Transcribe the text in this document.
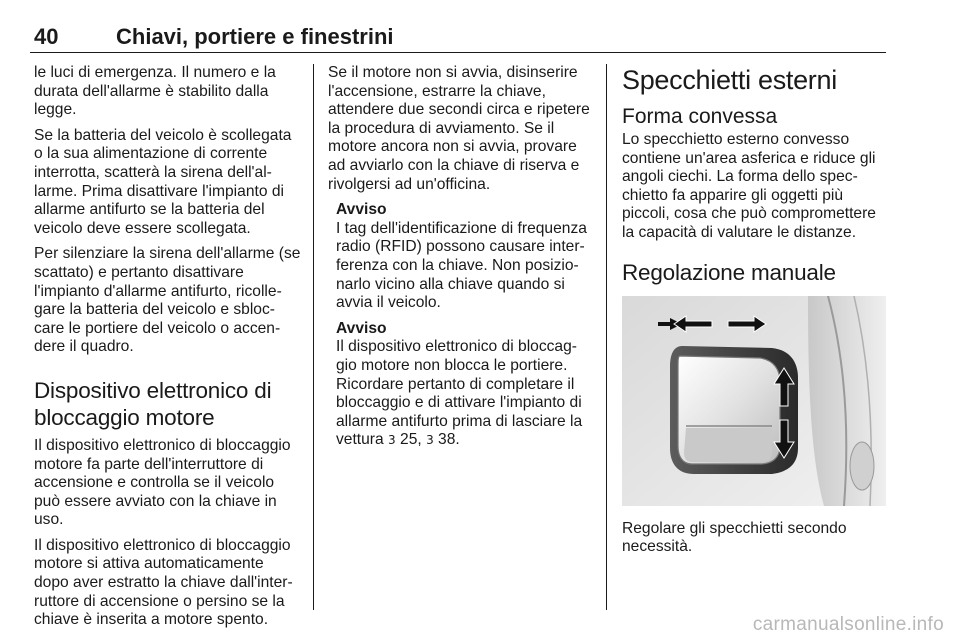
40	Chiavi, portiere e finestrini

le luci di emergenza. Il numero e la durata dell'allarme è stabilito dalla legge.

Se la batteria del veicolo è scollegata o la sua alimentazione di corrente interrotta, scatterà la sirena dell'al-larme. Prima disattivare l'impianto di allarme antifurto se la batteria del veicolo deve essere scollegata.

Per silenziare la sirena dell'allarme (se scattato) e pertanto disattivare l'impianto d'allarme antifurto, ricolle-gare la batteria del veicolo e sbloc-care le portiere del veicolo o accen-dere il quadro.

Dispositivo elettronico di bloccaggio motore

Il dispositivo elettronico di bloccaggio motore fa parte dell'interruttore di accensione e controlla se il veicolo può essere avviato con la chiave in uso.

Il dispositivo elettronico di bloccaggio motore si attiva automaticamente dopo aver estratto la chiave dall'inter-ruttore di accensione o persino se la chiave è inserita a motore spento.

Se il motore non si avvia, disinserire l'accensione, estrarre la chiave, attendere due secondi circa e ripetere la procedura di avviamento. Se il motore ancora non si avvia, provare ad avviarlo con la chiave di riserva e rivolgersi ad un'officina.

Avviso
I tag dell'identificazione di frequenza radio (RFID) possono causare inter-ferenza con la chiave. Non posizio-narlo vicino alla chiave quando si avvia il veicolo.
Avviso
Il dispositivo elettronico di bloccag-gio motore non blocca le portiere. Ricordare pertanto di completare il bloccaggio e di attivare l'impianto di allarme antifurto prima di lasciare la vettura 3 25, 3 38.
Specchietti esterni
Forma convessa

Lo specchietto esterno convesso contiene un'area asferica e riduce gli angoli ciechi. La forma dello spec-chietto fa apparire gli oggetti più piccoli, cosa che può compromettere la capacità di valutare le distanze.

Regolazione manuale

Regolare gli specchietti secondo necessità.

carmanualsonline.info
